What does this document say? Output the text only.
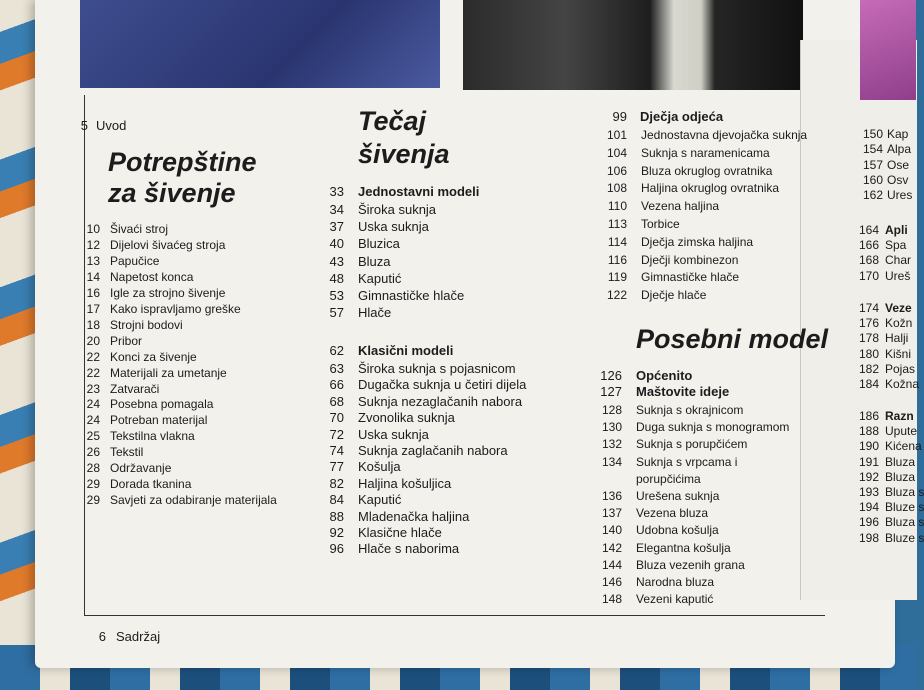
5 Uvod
Potrepštine
za šivenje
10 Šivaći stroj
12 Dijelovi šivaćeg stroja
13 Papučice
14 Napetost konca
16 Igle za strojno šivenje
17 Kako ispravljamo greške
18 Strojni bodovi
20 Pribor
22 Konci za šivenje
22 Materijali za umetanje
23 Zatvarači
24 Posebna pomagala
24 Potreban materijal
25 Tekstilna vlakna
26 Tekstil
28 Održavanje
29 Dorada tkanina
29 Savjeti za odabiranje materijala
Tečaj
šivenja
33 Jednostavni modeli
34 Široka suknja
37 Uska suknja
40 Bluzica
43 Bluza
48 Kaputić
53 Gimnastičke hlače
57 Hlače
62 Klasični modeli
63 Široka suknja s pojasnicom
66 Dugačka suknja u četiri dijela
68 Suknja nezaglačanih nabora
70 Zvonolika suknja
72 Uska suknja
74 Suknja zaglačanih nabora
77 Košulja
82 Haljina košuljica
84 Kaputić
88 Mladenačka haljina
92 Klasične hlače
96 Hlače s naborima
99 Dječja odjeća
101 Jednostavna djevojačka suknja
104 Suknja s naramenicama
106 Bluza okruglog ovratnika
108 Haljina okruglog ovratnika
110 Vezena haljina
113 Torbice
114 Dječja zimska haljina
116 Dječji kombinezon
119 Gimnastičke hlače
122 Dječje hlače
Posebni model
126 Općenito
127 Maštovite ideje
128 Suknja s okrajnicom
130 Duga suknja s monogramom
132 Suknja s porupčićem
134 Suknja s vrpcama i
porupčićima
136 Urešena suknja
137 Vezena bluza
140 Udobna košulja
142 Elegantna košulja
144 Bluza vezenih grana
146 Narodna bluza
148 Vezeni kaputić
150 Kap
154 Alpa
157 Ose
160 Osv
162 Ures
164 Apli
166 Spa
168 Char
170 Ureš
174 Veze
176 Kožn
178 Halji
180 Kišni
182 Pojas
184 Kožna
186 Razn
188 Upute
190 Kićena
191 Bluza
192 Bluza
193 Bluza s
194 Bluze s
196 Bluza s
198 Bluze s
6 Sadržaj
